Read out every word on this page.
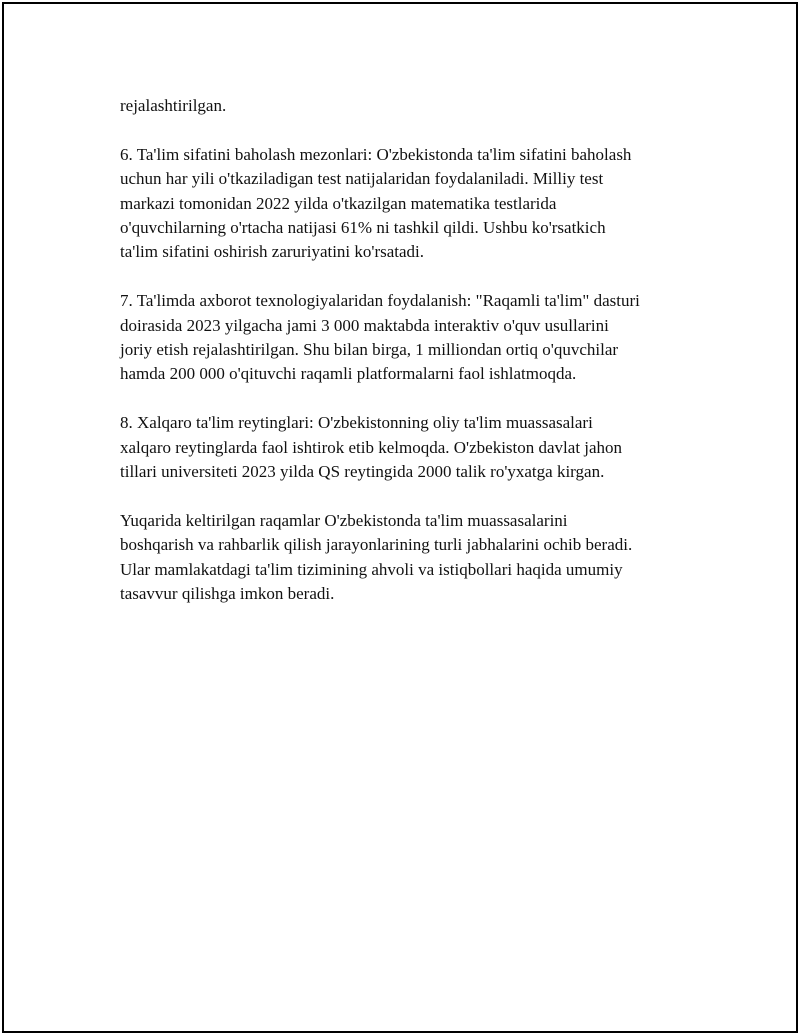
rejalashtirilgan.

6. Ta'lim sifatini baholash mezonlari: O'zbekistonda ta'lim sifatini baholash
uchun har yili o'tkaziladigan test natijalaridan foydalaniladi. Milliy test
markazi tomonidan 2022 yilda o'tkazilgan matematika testlarida
o'quvchilarning o'rtacha natijasi 61% ni tashkil qildi. Ushbu ko'rsatkich
ta'lim sifatini oshirish zaruriyatini ko'rsatadi.

7. Ta'limda axborot texnologiyalaridan foydalanish: "Raqamli ta'lim" dasturi
doirasida 2023 yilgacha jami 3 000 maktabda interaktiv o'quv usullarini
joriy etish rejalashtirilgan. Shu bilan birga, 1 milliondan ortiq o'quvchilar
hamda 200 000 o'qituvchi raqamli platformalarni faol ishlatmoqda.

8. Xalqaro ta'lim reytinglari: O'zbekistonning oliy ta'lim muassasalari
xalqaro reytinglarda faol ishtirok etib kelmoqda. O'zbekiston davlat jahon
tillari universiteti 2023 yilda QS reytingida 2000 talik ro'yxatga kirgan.

Yuqarida keltirilgan raqamlar O'zbekistonda ta'lim muassasalarini
boshqarish va rahbarlik qilish jarayonlarining turli jabhalarini ochib beradi.
Ular mamlakatdagi ta'lim tizimining ahvoli va istiqbollari haqida umumiy
tasavvur qilishga imkon beradi.
